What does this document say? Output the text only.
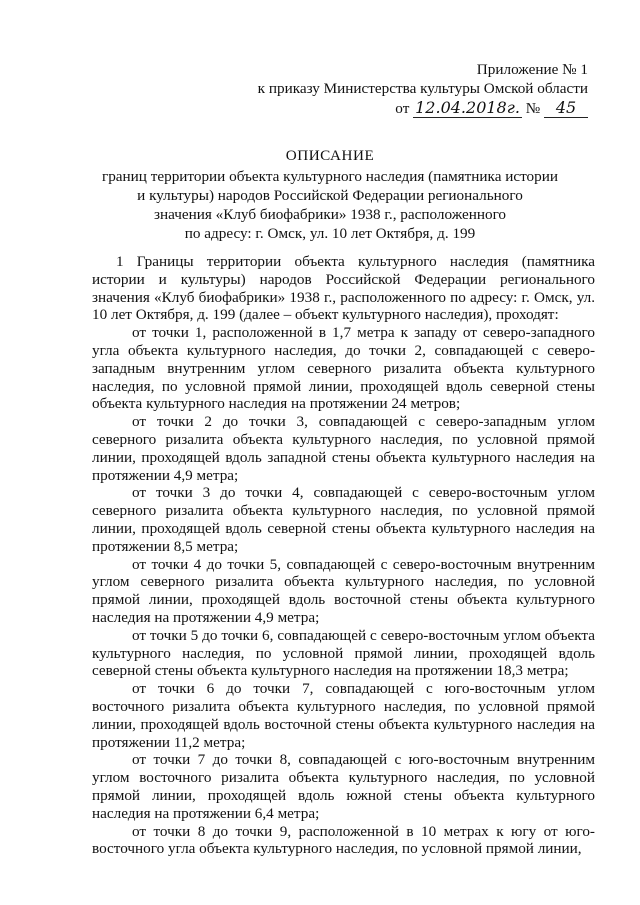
Приложение № 1
к приказу Министерства культуры Омской области
от 12.04.2018г. № 45
ОПИСАНИЕ
границ территории объекта культурного наследия (памятника истории
и культуры) народов Российской Федерации регионального
значения «Клуб биофабрики» 1938 г., расположенного
по адресу: г. Омск, ул. 10 лет Октября, д. 199

1 Границы территории объекта культурного наследия (памятника истории и культуры) народов Российской Федерации регионального значения «Клуб биофабрики» 1938 г., расположенного по адресу: г. Омск, ул. 10 лет Октября, д. 199 (далее – объект культурного наследия), проходят:

от точки 1, расположенной в 1,7 метра к западу от северо-западного угла объекта культурного наследия, до точки 2, совпадающей с северо-западным внутренним углом северного ризалита объекта культурного наследия, по условной прямой линии, проходящей вдоль северной стены объекта культурного наследия на протяжении 24 метров;

от точки 2 до точки 3, совпадающей с северо-западным углом северного ризалита объекта культурного наследия, по условной прямой линии, проходящей вдоль западной стены объекта культурного наследия на протяжении 4,9 метра;

от точки 3 до точки 4, совпадающей с северо-восточным углом северного ризалита объекта культурного наследия, по условной прямой линии, проходящей вдоль северной стены объекта культурного наследия на протяжении 8,5 метра;

от точки 4 до точки 5, совпадающей с северо-восточным внутренним углом северного ризалита объекта культурного наследия, по условной прямой линии, проходящей вдоль восточной стены объекта культурного наследия на протяжении 4,9 метра;

от точки 5 до точки 6, совпадающей с северо-восточным углом объекта культурного наследия, по условной прямой линии, проходящей вдоль северной стены объекта культурного наследия на протяжении 18,3 метра;

от точки 6 до точки 7, совпадающей с юго-восточным углом восточного ризалита объекта культурного наследия, по условной прямой линии, проходящей вдоль восточной стены объекта культурного наследия на протяжении 11,2 метра;

от точки 7 до точки 8, совпадающей с юго-восточным внутренним углом восточного ризалита объекта культурного наследия, по условной прямой линии, проходящей вдоль южной стены объекта культурного наследия на протяжении 6,4 метра;

от точки 8 до точки 9, расположенной в 10 метрах к югу от юго-восточного угла объекта культурного наследия, по условной прямой линии,
